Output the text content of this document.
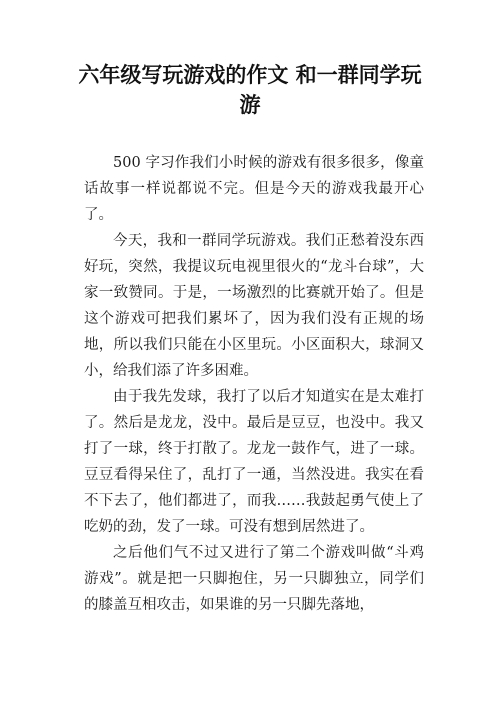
六年级写玩游戏的作文 和一群同学玩游

500 字习作我们小时候的游戏有很多很多，像童话故事一样说都说不完。但是今天的游戏我最开心了。

今天，我和一群同学玩游戏。我们正愁着没东西好玩，突然，我提议玩电视里很火的“龙斗台球”，大家一致赞同。于是，一场激烈的比赛就开始了。但是这个游戏可把我们累坏了，因为我们没有正规的场地，所以我们只能在小区里玩。小区面积大，球洞又小，给我们添了许多困难。

由于我先发球，我打了以后才知道实在是太难打了。然后是龙龙，没中。最后是豆豆，也没中。我又打了一球，终于打散了。龙龙一鼓作气，进了一球。豆豆看得呆住了，乱打了一通，当然没进。我实在看不下去了，他们都进了，而我……我鼓起勇气使上了吃奶的劲，发了一球。可没有想到居然进了。

之后他们气不过又进行了第二个游戏叫做“斗鸡游戏”。就是把一只脚抱住，另一只脚独立，同学们的膝盖互相攻击，如果谁的另一只脚先落地，
